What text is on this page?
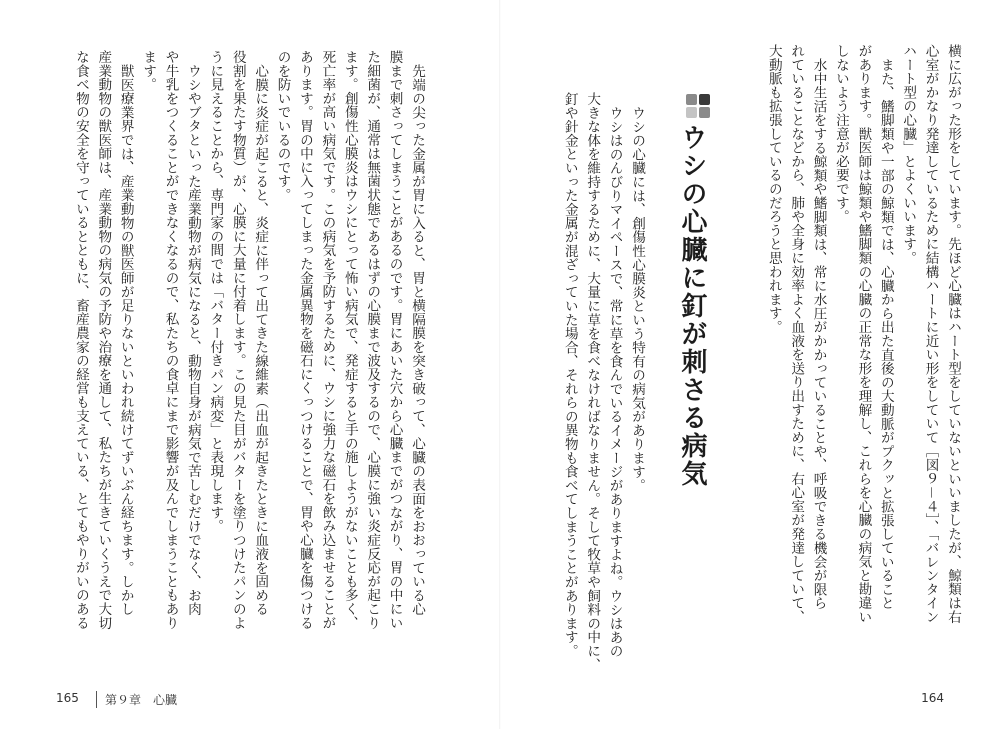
横に広がった形をしています。先ほど心臓はハート型をしていないといいましたが、鯨類は右

心室がかなり発達しているために結構ハートに近い形をしていて［図９－４］、「バレンタイン

ハート型の心臓」とよくいいます。

また、鰭脚類や一部の鯨類では、心臓から出た直後の大動脈がプクッと拡張していること

があります。獣医師は鯨類や鰭脚類の心臓の正常な形を理解し、これらを心臓の病気と勘違い

しないよう注意が必要です。

水中生活をする鯨類や鰭脚類は、常に水圧がかかっていることや、呼吸できる機会が限ら

れていることなどから、肺や全身に効率よく血液を送り出すために、右心室が発達していて、

大動脈も拡張しているのだろうと思われます。

ウシの心臓に釘が刺さる病気

ウシの心臓には、創傷性心膜炎という特有の病気があります。

ウシはのんびりマイペースで、常に草を食んでいるイメージがありますよね。ウシはあの

大きな体を維持するために、大量に草を食べなければなりません。そして牧草や飼料の中に、

釘や針金といった金属が混ざっていた場合、それらの異物も食べてしまうことがあります。

先端の尖った金属が胃に入ると、胃と横隔膜を突き破って、心臓の表面をおおっている心

膜まで刺さってしまうことがあるのです。胃にあいた穴から心臓までがつながり、胃の中にい

た細菌が、通常は無菌状態であるはずの心膜まで波及するので、心膜に強い炎症反応が起こり

ます。創傷性心膜炎はウシにとって怖い病気で、発症すると手の施しようがないことも多く、

死亡率が高い病気です。この病気を予防するために、ウシに強力な磁石を飲み込ませることが

あります。胃の中に入ってしまった金属異物を磁石にくっつけることで、胃や心臓を傷つける

のを防いでいるのです。

心膜に炎症が起こると、炎症に伴って出てきた線維素（出血が起きたときに血液を固める

役割を果たす物質）が、心膜に大量に付着します。この見た目がバターを塗りつけたパンのよ

うに見えることから、専門家の間では「バター付きパン病変」と表現します。

ウシやブタといった産業動物が病気になると、動物自身が病気で苦しむだけでなく、お肉

や牛乳をつくることができなくなるので、私たちの食卓にまで影響が及んでしまうこともあり

ます。

獣医療業界では、産業動物の獣医師が足りないといわれ続けてずいぶん経ちます。しかし

産業動物の獣医師は、産業動物の病気の予防や治療を通して、私たちが生きていくうえで大切

な食べ物の安全を守っているとともに、畜産農家の経営も支えている、とてもやりがいのある

165	第９章　心臓	164
